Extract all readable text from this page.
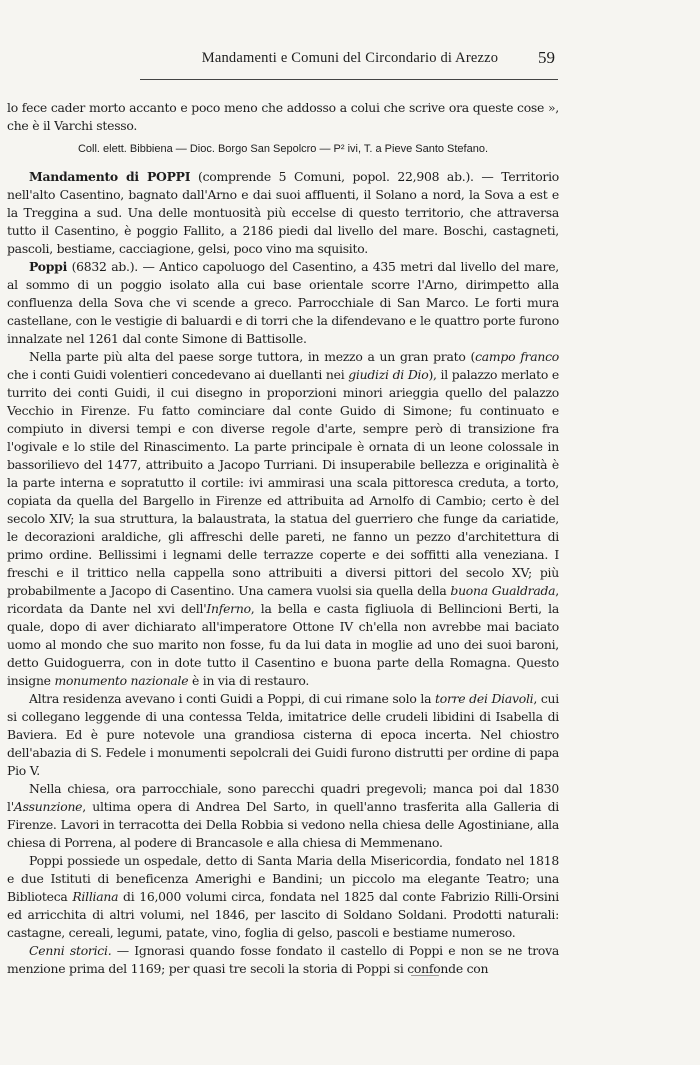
Mandamenti e Comuni del Circondario di Arezzo	59

lo fece cader morto accanto e poco meno che addosso a colui che scrive ora queste cose », che è il Varchi stesso.

Coll. elett. Bibbiena — Dioc. Borgo San Sepolcro — P² ivi, T. a Pieve Santo Stefano.

Mandamento di POPPI (comprende 5 Comuni, popol. 22,908 ab.). — Territorio nell'alto Casentino, bagnato dall'Arno e dai suoi affluenti, il Solano a nord, la Sova a est e la Treggina a sud. Una delle montuosità più eccelse di questo territorio, che attraversa tutto il Casentino, è poggio Fallito, a 2186 piedi dal livello del mare. Boschi, castagneti, pascoli, bestiame, cacciagione, gelsi, poco vino ma squisito.

Poppi (6832 ab.). — Antico capoluogo del Casentino, a 435 metri dal livello del mare, al sommo di un poggio isolato alla cui base orientale scorre l'Arno, dirimpetto alla confluenza della Sova che vi scende a greco. Parrocchiale di San Marco. Le forti mura castellane, con le vestigie di baluardi e di torri che la difendevano e le quattro porte furono innalzate nel 1261 dal conte Simone di Battisolle.

Nella parte più alta del paese sorge tuttora, in mezzo a un gran prato (campo franco che i conti Guidi volentieri concedevano ai duellanti nei giudizi di Dio), il palazzo merlato e turrito dei conti Guidi, il cui disegno in proporzioni minori arieggia quello del palazzo Vecchio in Firenze. Fu fatto cominciare dal conte Guido di Simone; fu continuato e compiuto in diversi tempi e con diverse regole d'arte, sempre però di transizione fra l'ogivale e lo stile del Rinascimento. La parte principale è ornata di un leone colossale in bassorilievo del 1477, attribuito a Jacopo Turriani. Di insuperabile bellezza e originalità è la parte interna e sopratutto il cortile: ivi ammirasi una scala pittoresca creduta, a torto, copiata da quella del Bargello in Firenze ed attribuita ad Arnolfo di Cambio; certo è del secolo XIV; la sua struttura, la balaustrata, la statua del guerriero che funge da cariatide, le decorazioni araldiche, gli affreschi delle pareti, ne fanno un pezzo d'architettura di primo ordine. Bellissimi i legnami delle terrazze coperte e dei soffitti alla veneziana. I freschi e il trittico nella cappella sono attribuiti a diversi pittori del secolo XV; più probabilmente a Jacopo di Casentino. Una camera vuolsi sia quella della buona Gualdrada, ricordata da Dante nel xvi dell'Inferno, la bella e casta figliuola di Bellincioni Berti, la quale, dopo di aver dichiarato all'imperatore Ottone IV ch'ella non avrebbe mai baciato uomo al mondo che suo marito non fosse, fu da lui data in moglie ad uno dei suoi baroni, detto Guidoguerra, con in dote tutto il Casentino e buona parte della Romagna. Questo insigne monumento nazionale è in via di restauro.

Altra residenza avevano i conti Guidi a Poppi, di cui rimane solo la torre dei Diavoli, cui si collegano leggende di una contessa Telda, imitatrice delle crudeli libidini di Isabella di Baviera. Ed è pure notevole una grandiosa cisterna di epoca incerta. Nel chiostro dell'abazia di S. Fedele i monumenti sepolcrali dei Guidi furono distrutti per ordine di papa Pio V.

Nella chiesa, ora parrocchiale, sono parecchi quadri pregevoli; manca poi dal 1830 l'Assunzione, ultima opera di Andrea Del Sarto, in quell'anno trasferita alla Galleria di Firenze. Lavori in terracotta dei Della Robbia si vedono nella chiesa delle Agostiniane, alla chiesa di Porrena, al podere di Brancasole e alla chiesa di Memmenano.

Poppi possiede un ospedale, detto di Santa Maria della Misericordia, fondato nel 1818 e due Istituti di beneficenza Amerighi e Bandini; un piccolo ma elegante Teatro; una Biblioteca Rilliana di 16,000 volumi circa, fondata nel 1825 dal conte Fabrizio Rilli-Orsini ed arricchita di altri volumi, nel 1846, per lascito di Soldano Soldani. Prodotti naturali: castagne, cereali, legumi, patate, vino, foglia di gelso, pascoli e bestiame numeroso.

Cenni storici. — Ignorasi quando fosse fondato il castello di Poppi e non se ne trova menzione prima del 1169; per quasi tre secoli la storia di Poppi si confonde con
